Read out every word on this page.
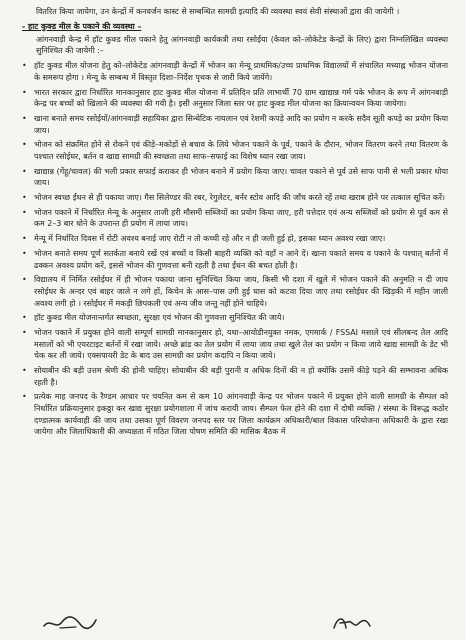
वितरित किया जायेगा, उन केन्द्रों में कनवर्जन कास्ट से सम्बन्धित सामग्री इत्यादि की व्यवस्था स्वयं सेवी संस्थाओं द्वारा की जायेगी ।

- हाट कुक्ड मील के पकाने की व्यवस्था –

आंगनवाड़ी केन्द्र में हॉट कुक्ड मील पकाने हेतु आंगनवाड़ी कार्यकत्री तथा रसोईया (केवल को–लोकेटेड केन्द्रों के लिए) द्वारा निम्नलिखित व्यवस्था सुनिश्चित की जायेगी :–

• हॉट कुक्ड मील योजना हेतु को–लोकेटेड आंगनवाड़ी केन्द्रों में भोजन का मेन्यू प्राथमिक/उच्च प्राथमिक विद्यालयों में संचालित मध्याह्न भोजन योजना के समरूप होगा । मेन्यू के सम्बन्ध में विस्तृत दिशा–निर्देश पृथक से जारी किये जायेंगे।
• भारत सरकार द्वारा निर्धारित मानकानुसार हाट कुक्ड मील योजना में प्रतिदिन प्रति लाभार्थी 70 ग्राम खाद्यान्न गर्म पके भोजन के रूप में आंगनबाड़ी केन्द्र पर बच्चों को खिलाने की व्यवस्था की गयी है। इसी अनुसार जिला स्तर पर हाट कुक्ड मील योजना का क्रियान्वयन किया जायेगा।
• खाना बनाते समय रसोईयों/आंगनवाड़ी सहायिका द्वारा सिन्थेटिक नायलान एवं रेशमी कपड़े आदि का प्रयोग न करके सदैव सूती कपड़े का प्रयोग किया जाय।
• भोजन को संक्रमित होने से रोकने एवं कीड़े–मकोड़ों से बचाव के लिये भोजन पकाने के पूर्व, पकाने के दौरान, भोजन वितरण करने तथा वितरण के पश्चात रसोईघर, बर्तन व खाद्य सामग्री की स्वच्छता तथा साफ–सफाई का विशेष ध्यान रखा जाय।
• खाद्यान्न (गेंहू/चावल) की भली प्रकार सफाई कराकर ही भोजन बनाने में प्रयोग किया जाए। चावल पकाने से पूर्व उसे साफ पानी से भली प्रकार धोया जाय।
• भोजन स्वच्छ ईंधन से ही पकाया जाए। गैस सिलेण्डर की रबर, रेगुलेटर, बर्नर स्टोव आदि की जाँच करते रहें तथा खराब होने पर तत्काल सूचित करें।
• भोजन पकाने में निर्धारित मेन्यू के अनुसार ताजी हरी मौसमी सब्जियों का प्रयोग किया जाए, हरी पत्तेदार एवं अन्य सब्जियों को प्रयोग से पूर्व कम से कम 2–3 बार धोने के उपरान्त ही प्रयोग में लाया जाय।
• मेन्यू में निर्धारित दिवस में रोटी अवश्य बनाई जाए रोटी न तो कच्ची रहे और न ही जली हुई हो, इसका ध्यान अवश्य रखा जाए।
• भोजन बनाते समय पूर्ण सतर्कता बनाये रखें एवं बच्चों व किसी बाहरी व्यक्ति को वहाँ न आने दें। खाना पकाते समय व पकाने के पश्चात् बर्तनों में ढक्कन अवश्य प्रयोग करें, इससे भोजन की गुणवत्ता बनी रहती है तथा ईंधन की बचत होती है।
• विद्यालय में निर्मित रसोईघर में ही भोजन पकाया जाना सुनिश्चित किया जाय, किसी भी दशा में खुले में भोजन पकाने की अनुमति न दी जाय रसोईघर के अन्दर एवं बाहर जाले न लगे हों, किचेन के आस–पास उगी हुई घास को कटवा दिया जाए तथा रसोईघर की खिड़की में महीन जाली अवश्य लगी हो । रसोईघर में मकड़ी छिपकली एवं अन्य जीव जन्तु नहीं होने चाहिये।
• हॉट कुक्ड मील योजनान्तर्गत स्वच्छता, सुरक्षा एवं भोजन की गुणवत्ता सुनिश्चित की जाये।
• भोजन पकाने में प्रयुक्त होने वाली सम्पूर्ण सामग्री मानकानुसार हो, यथा–आयोडीनयुक्त नमक, एगमार्क / FSSAI मसाले एवं सीलबन्द तेल आदि मसालों को भी एयरटाइट बर्तनों में रखा जाये। अच्छे ब्रांड का तेल प्रयोग में लाया जाय तथा खुले तेल का प्रयोग न किया जाये खाद्य सामग्री के डेट भी चेक कर ली जाये। एक्सपायरी डेट के बाद उस सामग्री का प्रयोग कदापि न किया जाये।
• सोयाबीन की बड़ी उत्तम श्रेणी की होनी चाहिए। सोयाबीन की बड़ी पुरानी व अधिक दिनों की न हो क्योंकि उसमें कीड़े पड़ने की सम्भावना अधिक रहती है।
• प्रत्येक माह जनपद के रैण्डम आधार पर चयनित कम से कम 10 आंगनवाड़ी केन्द्र पर भोजन पकाने में प्रयुक्त होने वाली सामग्री के सैम्पल को निर्धारित प्रक्रियानुसार इकठ्ठा कर खाद्य सुरक्षा प्रयोगशाला में जांच करायी जाय। सैम्पल फेल होने की दशा में दोषी व्यक्ति / संस्था के विरूद्ध कठोर दण्डात्मक कार्यवाही की जाय तथा उसका पूर्ण विवरण जनपद स्तर पर जिला कार्यक्रम अधिकारी/बाल विकास परियोजना अधिकारी के द्वारा रखा जायेगा और जिलाधिकारी की अध्यक्षता में गठित जिला पोषण समिति की मासिक बैठक में
